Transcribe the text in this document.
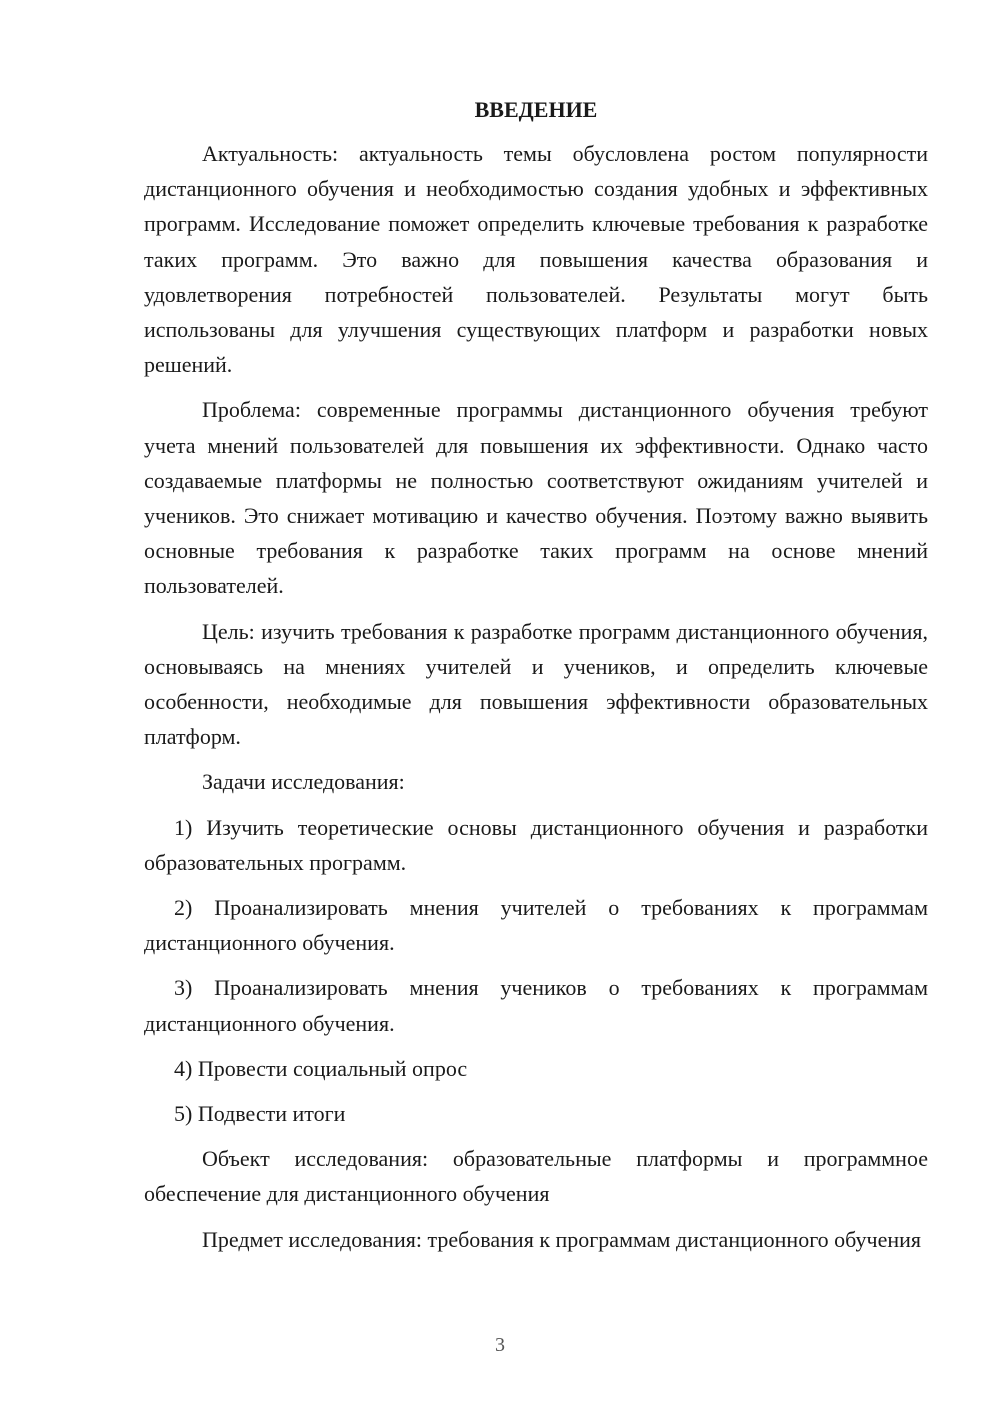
ВВЕДЕНИЕ

Актуальность: актуальность темы обусловлена ростом популярности дистанционного обучения и необходимостью создания удобных и эффективных программ. Исследование поможет определить ключевые требования к разработке таких программ. Это важно для повышения качества образования и удовлетворения потребностей пользователей. Результаты могут быть использованы для улучшения существующих платформ и разработки новых решений.

Проблема: современные программы дистанционного обучения требуют учета мнений пользователей для повышения их эффективности. Однако часто создаваемые платформы не полностью соответствуют ожиданиям учителей и учеников. Это снижает мотивацию и качество обучения. Поэтому важно выявить основные требования к разработке таких программ на основе мнений пользователей.

Цель: изучить требования к разработке программ дистанционного обучения, основываясь на мнениях учителей и учеников, и определить ключевые особенности, необходимые для повышения эффективности образовательных платформ.

Задачи исследования:

1) Изучить теоретические основы дистанционного обучения и разработки образовательных программ.

2) Проанализировать мнения учителей о требованиях к программам дистанционного обучения.

3) Проанализировать мнения учеников о требованиях к программам дистанционного обучения.

4) Провести социальный опрос

5) Подвести итоги

Объект исследования: образовательные платформы и программное обеспечение для дистанционного обучения

Предмет исследования: требования к программам дистанционного обучения

3
